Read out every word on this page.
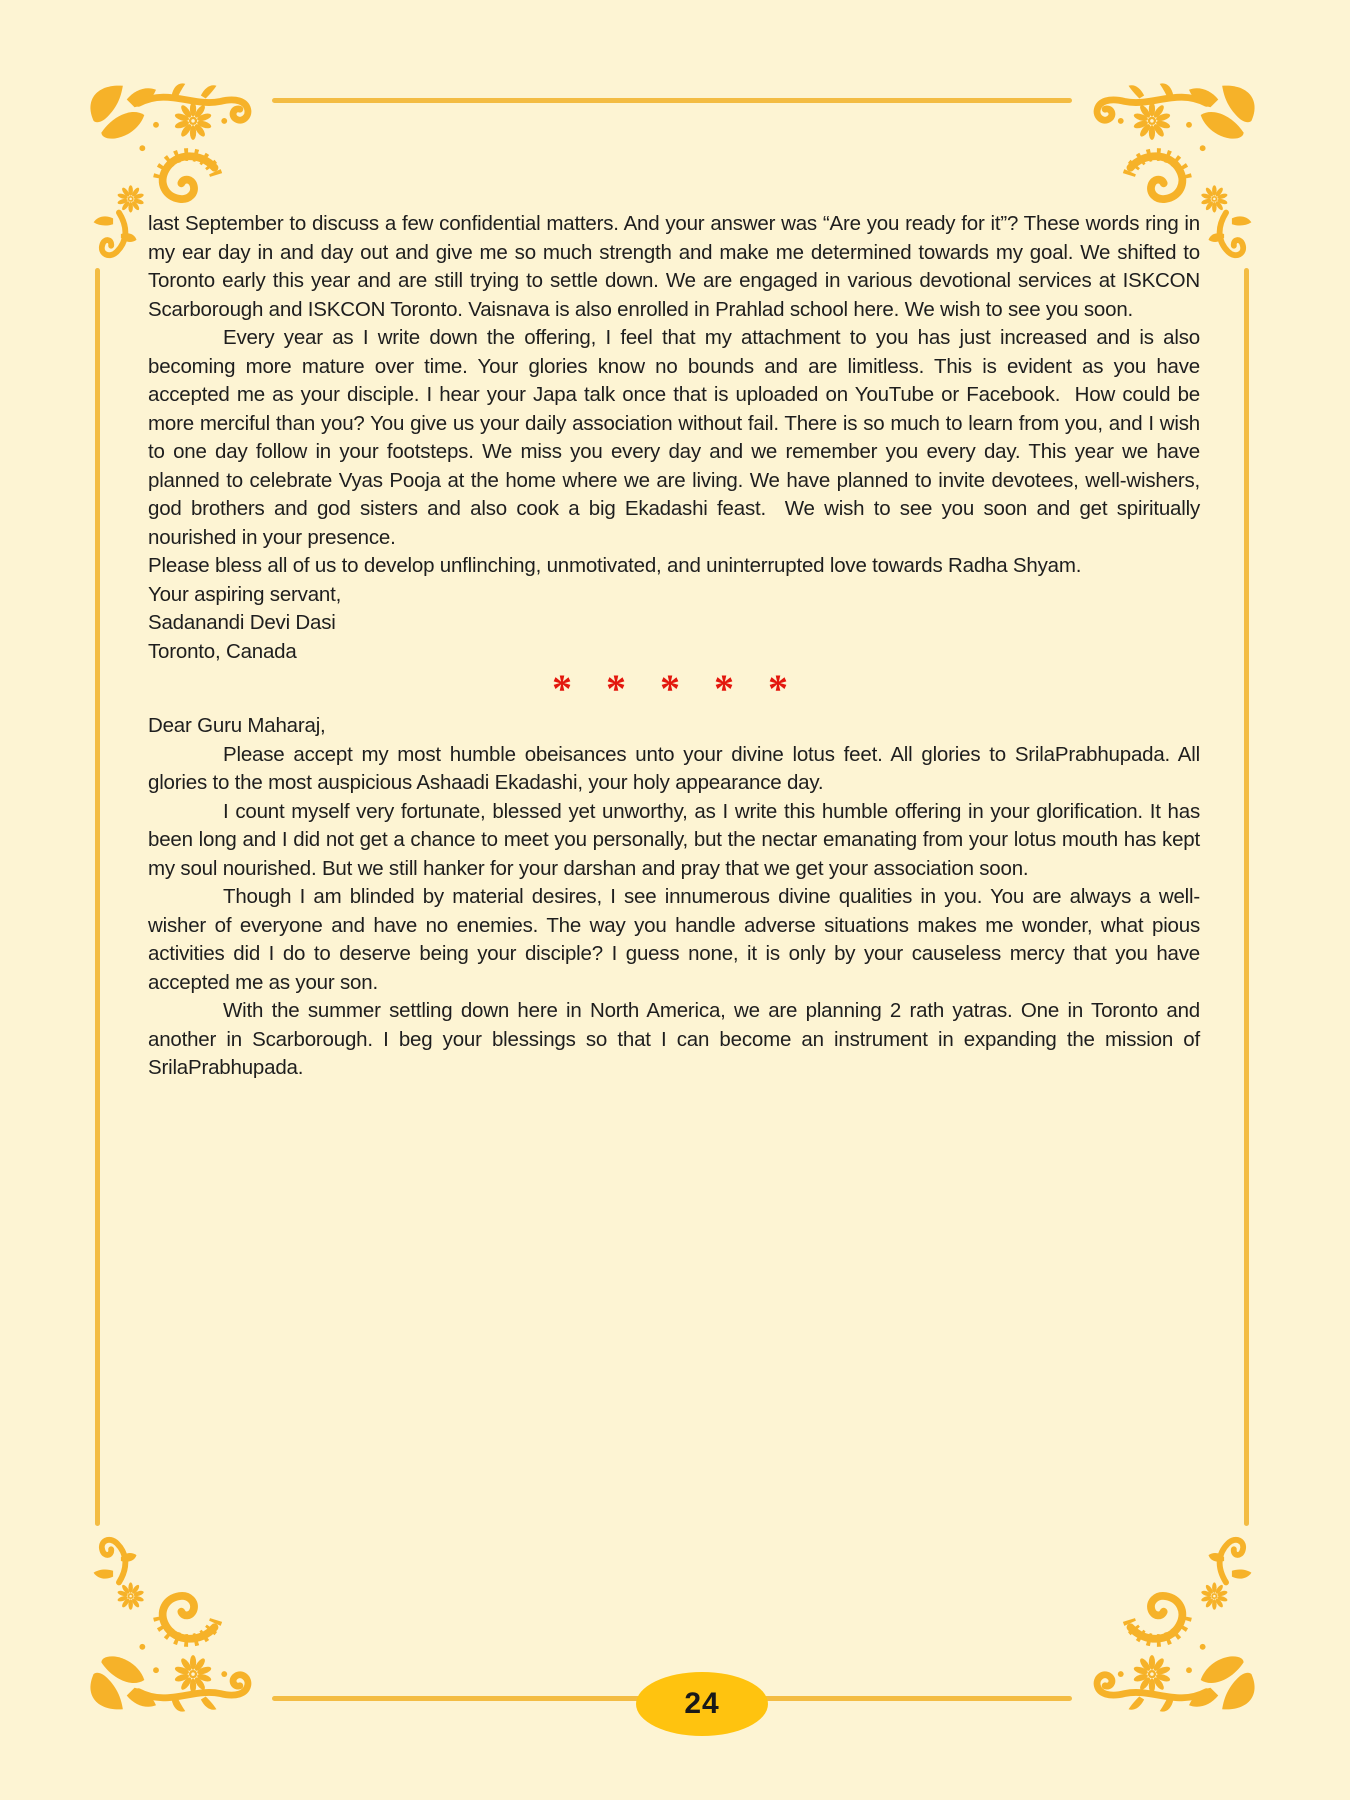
last September to discuss a few confidential matters. And your answer was “Are you ready for it”? These words ring in my ear day in and day out and give me so much strength and make me determined towards my goal. We shifted to Toronto early this year and are still trying to settle down. We are engaged in various devotional services at ISKCON Scarborough and ISKCON Toronto. Vaisnava is also enrolled in Prahlad school here. We wish to see you soon.

Every year as I write down the offering, I feel that my attachment to you has just increased and is also becoming more mature over time. Your glories know no bounds and are limitless. This is evident as you have accepted me as your disciple. I hear your Japa talk once that is uploaded on YouTube or Facebook.  How could be more merciful than you? You give us your daily association without fail. There is so much to learn from you, and I wish to one day follow in your footsteps. We miss you every day and we remember you every day. This year we have planned to celebrate Vyas Pooja at the home where we are living. We have planned to invite devotees, well-wishers, god brothers and god sisters and also cook a big Ekadashi feast.  We wish to see you soon and get spiritually nourished in your presence.

Please bless all of us to develop unflinching, unmotivated, and uninterrupted love towards Radha Shyam.

Your aspiring servant,

Sadanandi Devi Dasi

Toronto, Canada

* * * * *

Dear Guru Maharaj,

Please accept my most humble obeisances unto your divine lotus feet. All glories to SrilaPrabhupada. All glories to the most auspicious Ashaadi Ekadashi, your holy appearance day.

I count myself very fortunate, blessed yet unworthy, as I write this humble offering in your glorification. It has been long and I did not get a chance to meet you personally, but the nectar emanating from your lotus mouth has kept my soul nourished. But we still hanker for your darshan and pray that we get your association soon.

Though I am blinded by material desires, I see innumerous divine qualities in you. You are always a well-wisher of everyone and have no enemies. The way you handle adverse situations makes me wonder, what pious activities did I do to deserve being your disciple? I guess none, it is only by your causeless mercy that you have accepted me as your son.

With the summer settling down here in North America, we are planning 2 rath yatras. One in Toronto and another in Scarborough. I beg your blessings so that I can become an instrument in expanding the mission of SrilaPrabhupada.

24
